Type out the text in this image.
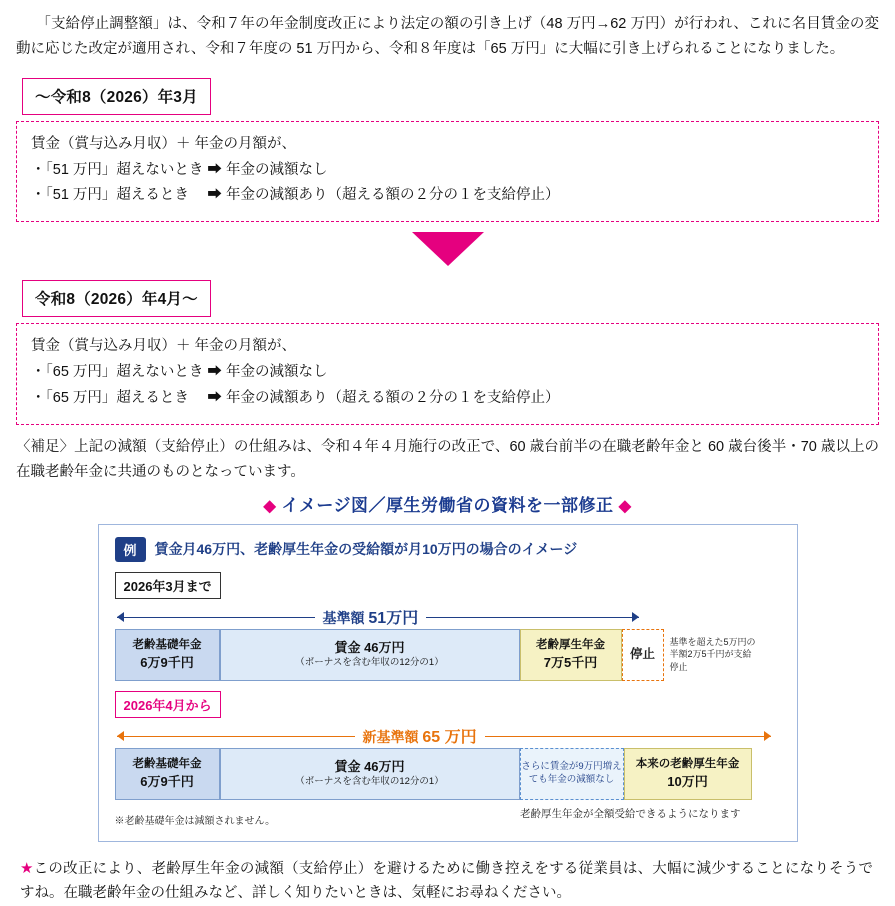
「支給停止調整額」は、令和７年の年金制度改正により法定の額の引き上げ（48 万円→62 万円）が行われ、これに名目賃金の変動に応じた改定が適用され、令和７年度の 51 万円から、令和８年度は「65 万円」に大幅に引き上げられることになりました。
〜令和8（2026）年3月
賃金（賞与込み月収）＋ 年金の月額が、
・「51 万円」超えないとき ➡ 年金の減額なし
・「51 万円」超えるとき　 ➡ 年金の減額あり（超える額の２分の１を支給停止）
令和8（2026）年4月〜
賃金（賞与込み月収）＋ 年金の月額が、
・「65 万円」超えないとき ➡ 年金の減額なし
・「65 万円」超えるとき　 ➡ 年金の減額あり（超える額の２分の１を支給停止）
〈補足〉上記の減額（支給停止）の仕組みは、令和４年４月施行の改正で、60 歳台前半の在職老齢年金と 60 歳台後半・70 歳以上の在職老齢年金に共通のものとなっています。
◆ イメージ図／厚生労働省の資料を一部修正 ◆
例	賃金月46万円、老齢厚生年金の受給額が月10万円の場合のイメージ
2026年3月まで
基準額 51万円
老齢基礎年金
6万9千円
賃金 46万円
（ボーナスを含む年収の12分の1）
老齢厚生年金
7万5千円
停止
基準を超えた5万円の半額2万5千円が支給停止
2026年4月から
新基準額 65 万円
老齢基礎年金
6万9千円
賃金 46万円
（ボーナスを含む年収の12分の1）
さらに賃金が9万円増えても年金の減額なし
本来の老齢厚生年金
10万円
※老齢基礎年金は減額されません。
老齢厚生年金が全額受給できるようになります
★この改正により、老齢厚生年金の減額（支給停止）を避けるために働き控えをする従業員は、大幅に減少することになりそうですね。在職老齢年金の仕組みなど、詳しく知りたいときは、気軽にお尋ねください。
